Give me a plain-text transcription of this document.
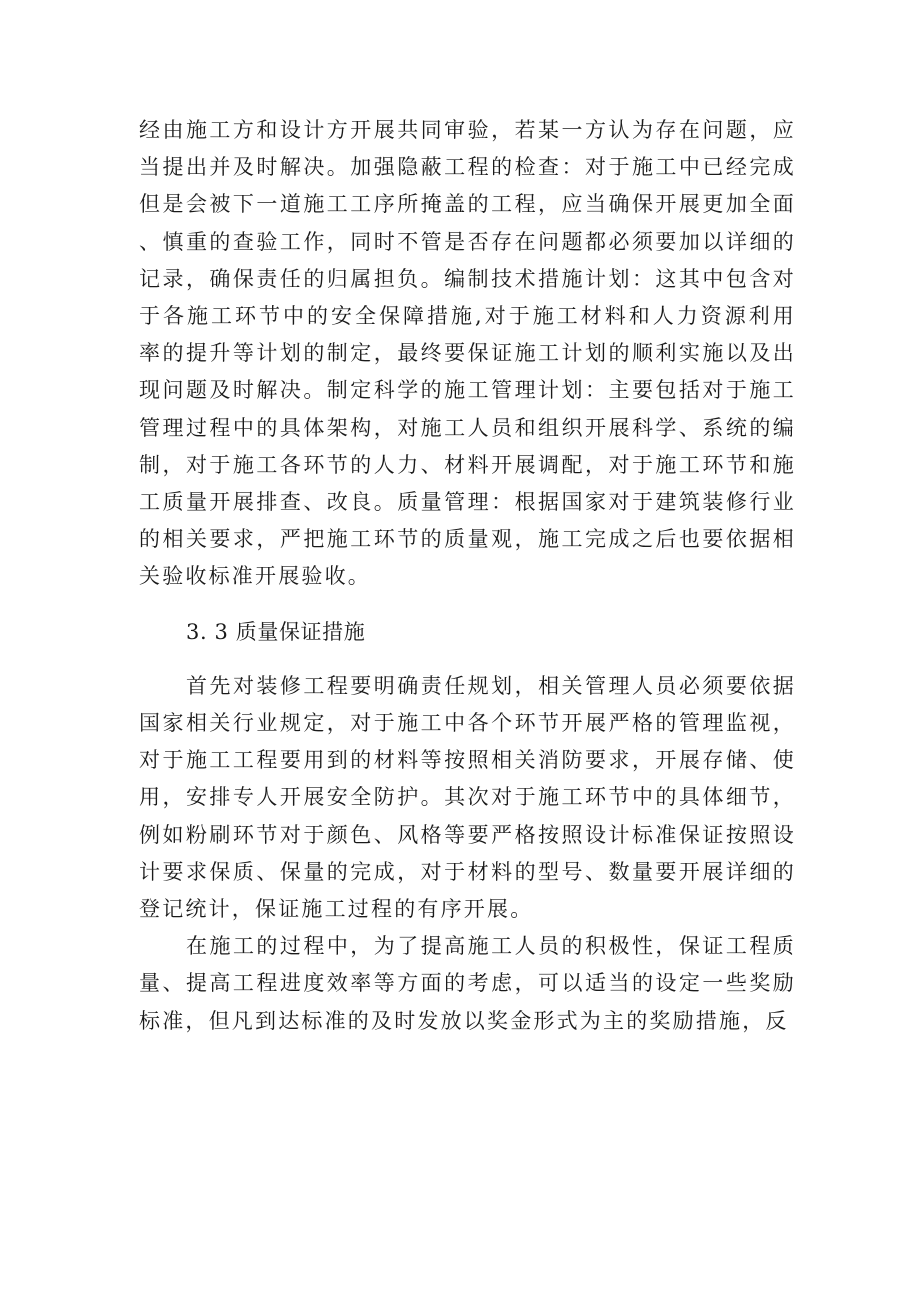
经由施工方和设计方开展共同审验，若某一方认为存在问题，应当提出并及时解决。加强隐蔽工程的检查：对于施工中已经完成但是会被下一道施工工序所掩盖的工程，应当确保开展更加全面、慎重的查验工作，同时不管是否存在问题都必须要加以详细的记录，确保责任的归属担负。编制技术措施计划：这其中包含对于各施工环节中的安全保障措施,对于施工材料和人力资源利用率的提升等计划的制定，最终要保证施工计划的顺利实施以及出现问题及时解决。制定科学的施工管理计划：主要包括对于施工管理过程中的具体架构，对施工人员和组织开展科学、系统的编制，对于施工各环节的人力、材料开展调配，对于施工环节和施工质量开展排查、改良。质量管理：根据国家对于建筑装修行业的相关要求，严把施工环节的质量观，施工完成之后也要依据相关验收标准开展验收。

3. 3 质量保证措施

首先对装修工程要明确责任规划，相关管理人员必须要依据国家相关行业规定，对于施工中各个环节开展严格的管理监视，对于施工工程要用到的材料等按照相关消防要求，开展存储、使用，安排专人开展安全防护。其次对于施工环节中的具体细节，例如粉刷环节对于颜色、风格等要严格按照设计标准保证按照设计要求保质、保量的完成，对于材料的型号、数量要开展详细的登记统计，保证施工过程的有序开展。

在施工的过程中，为了提高施工人员的积极性，保证工程质量、提高工程进度效率等方面的考虑，可以适当的设定一些奖励标准，但凡到达标准的及时发放以奖金形式为主的奖励措施，反
